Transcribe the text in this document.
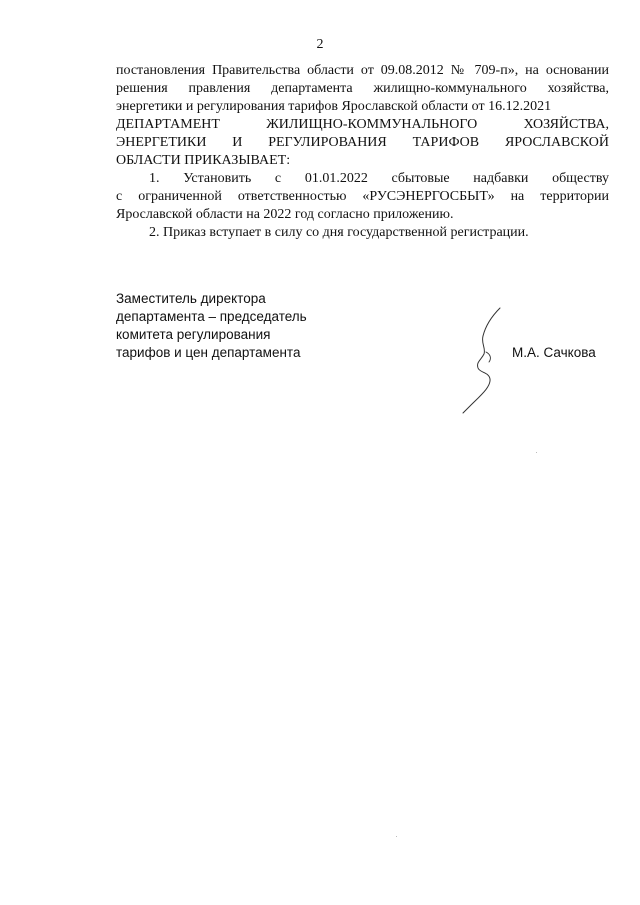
2

постановления Правительства области от 09.08.2012 № 709-п», на основании

решения правления департамента жилищно-коммунального хозяйства,

энергетики и регулирования тарифов Ярославской области от 16.12.2021

ДЕПАРТАМЕНТ ЖИЛИЩНО-КОММУНАЛЬНОГО ХОЗЯЙСТВА,

ЭНЕРГЕТИКИ И РЕГУЛИРОВАНИЯ ТАРИФОВ ЯРОСЛАВСКОЙ

ОБЛАСТИ ПРИКАЗЫВАЕТ:

1. Установить с 01.01.2022 сбытовые надбавки обществу

с ограниченной ответственностью «РУСЭНЕРГОСБЫТ» на территории

Ярославской области на 2022 год согласно приложению.

2. Приказ вступает в силу со дня государственной регистрации.

Заместитель директора
департамента – председатель
комитета регулирования
тарифов и цен департамента	М.А. Сачкова
